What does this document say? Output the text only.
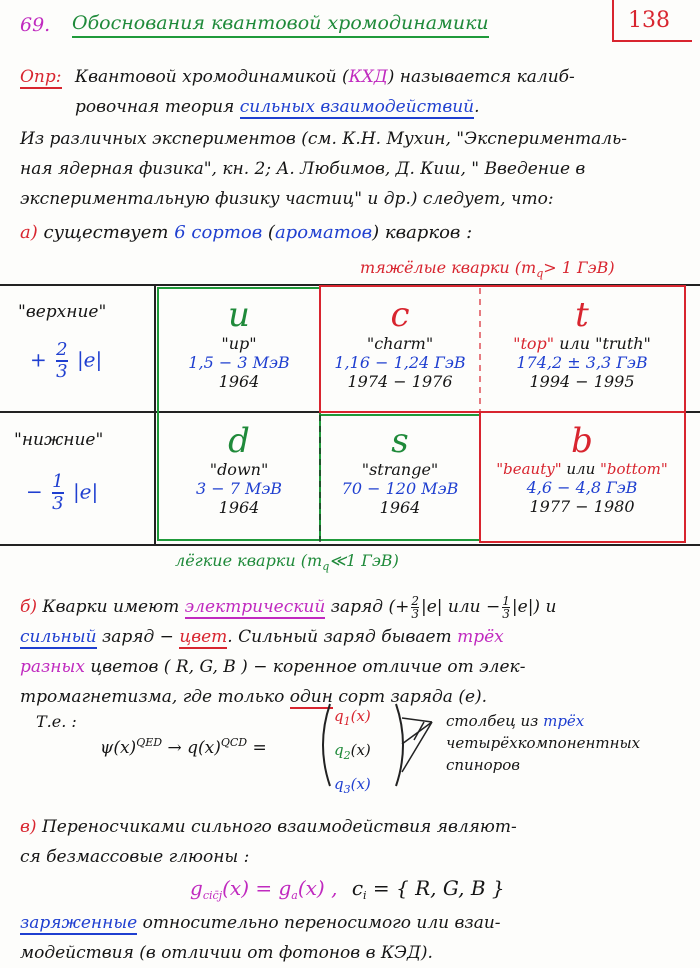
69. Обоснования квантовой хромодинамики	138
Опр: Квантовой хромодинамикой (КХД) называется калиб-
ровочная теория сильных взаимодействий.
Из различных экспериментов (см. К.Н. Мухин, "Эксперименталь-
ная ядерная физика", кн. 2; А. Любимов, Д. Киш, " Введение в
экспериментальную физику частиц" и др.) следует, что:
а) существует 6 сортов (ароматов) кварков :
тяжёлые кварки ($m_q> 1$ ГэВ)
"верхние"
+ $\frac{2}{3} |e|$
"нижние"
− $\frac{1}{3} |e|$
u
"up"
1,5 − 3 МэВ
1964
c
"charm"
1,16 − 1,24 ГэВ
1974 − 1976
t
"top" или "truth"
174,2 ± 3,3 ГэВ
1994 − 1995
d
"down"
3 − 7 МэВ
1964
s
"strange"
70 − 120 МэВ
1964
b
"beauty" или "bottom"
4,6 − 4,8 ГэВ
1977 − 1980
лёгкие кварки ($m_q≪1$ ГэВ)
б) Кварки имеют электрический заряд (+ $\frac{2}{3} |e|$ или − $\frac{1}{3} |e|$) и
сильный заряд − цвет. Сильный заряд бывает трёх
разных цветов ( R, G, B ) − коренное отличие от элек-
трoмагнетизма, где только один сорт заряда (e).
Т.е. :
$\psi(x)^{QED} \to q(x)^{QCD}$ =
$q_1(x)$
$q_2(x)$
$q_3(x)$
столбец из трёх
четырёхкомпонентных
спиноров
в) Переносчиками сильного взаимодействия являют-
ся безмассовые глюоны :
$g_{cic̄j}(x) = g_a(x)$ , $c_i$ = { R, G, B }
заряженные относительно переносимого или взаи-
модействия (в отличии от фотонов в КЭД).
